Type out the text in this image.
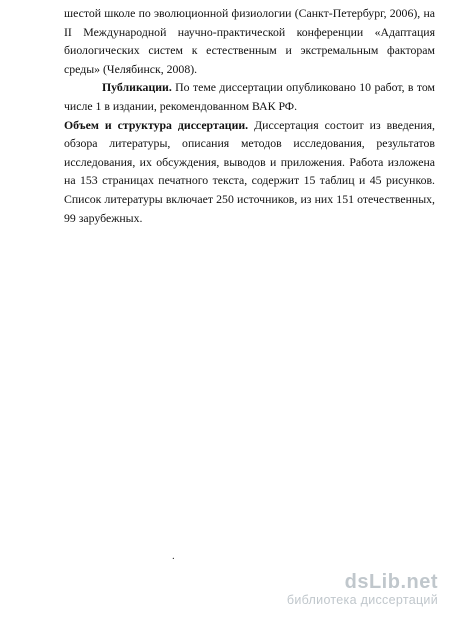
шестой школе по эволюционной физиологии (Санкт-Петербург, 2006), на II Международной научно-практической конференции «Адаптация биологических систем к естественным и экстремальным факторам среды» (Челябинск, 2008).

Публикации. По теме диссертации опубликовано 10 работ, в том числе 1 в издании, рекомендованном ВАК РФ.

Объем и структура диссертации. Диссертация состоит из введения, обзора литературы, описания методов исследования, результатов исследования, их обсуждения, выводов и приложения. Работа изложена на 153 страницах печатного текста, содержит 15 таблиц и 45 рисунков. Список литературы включает 250 источников, из них 151 отечественных, 99 зарубежных.

.
dsLib.net
библиотека диссертаций
